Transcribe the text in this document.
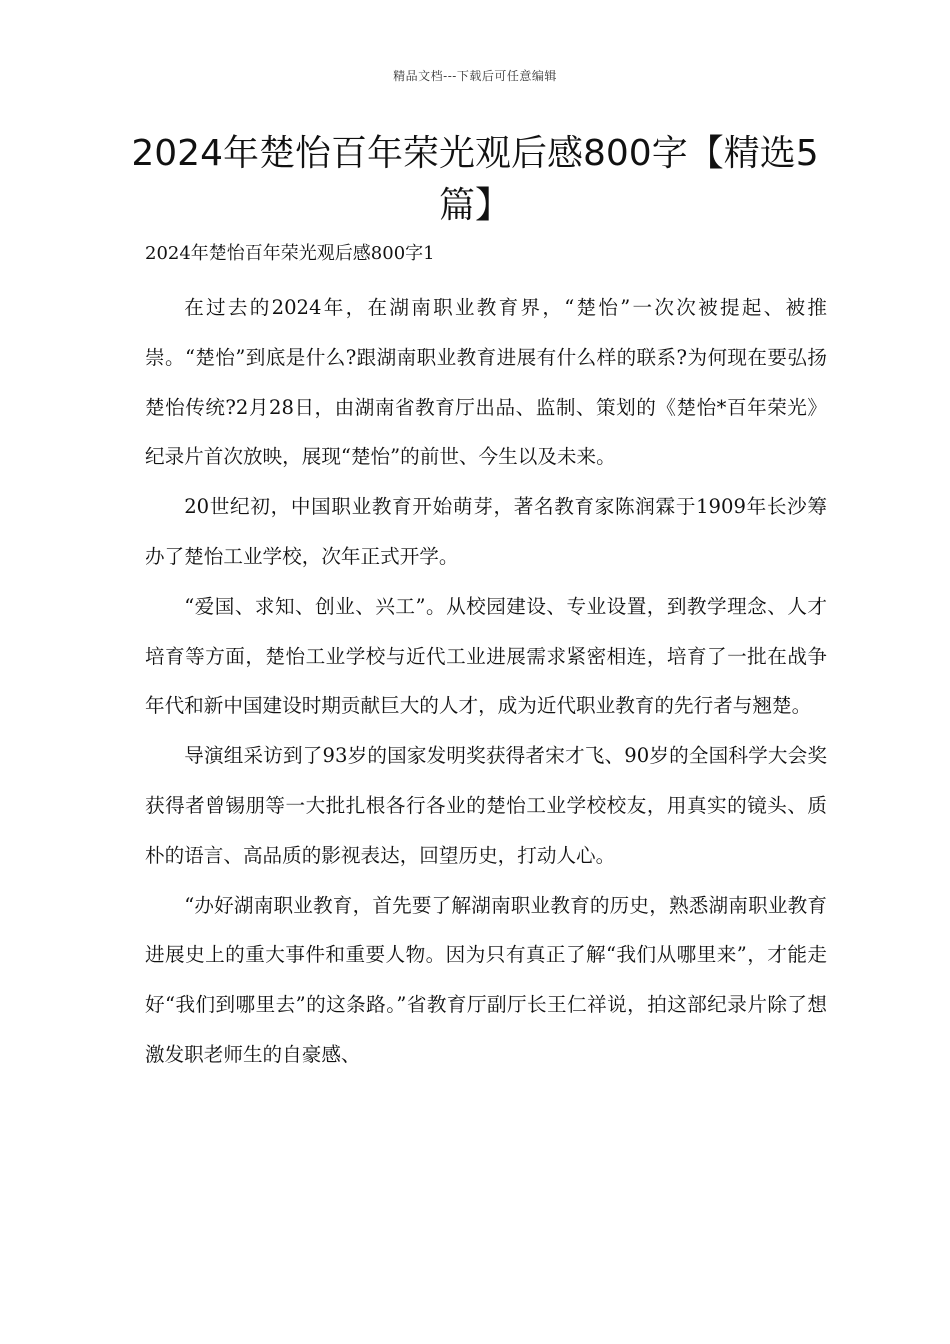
精品文档---下载后可任意编辑
2024年楚怡百年荣光观后感800字【精选5篇】
2024年楚怡百年荣光观后感800字1

在过去的2024年，在湖南职业教育界，“楚怡”一次次被提起、被推崇。“楚怡”到底是什么?跟湖南职业教育进展有什么样的联系?为何现在要弘扬楚怡传统?2月28日，由湖南省教育厅出品、监制、策划的《楚怡*百年荣光》纪录片首次放映，展现“楚怡”的前世、今生以及未来。

20世纪初，中国职业教育开始萌芽，著名教育家陈润霖于1909年长沙筹办了楚怡工业学校，次年正式开学。

“爱国、求知、创业、兴工”。从校园建设、专业设置，到教学理念、人才培育等方面，楚怡工业学校与近代工业进展需求紧密相连，培育了一批在战争年代和新中国建设时期贡献巨大的人才，成为近代职业教育的先行者与翘楚。

导演组采访到了93岁的国家发明奖获得者宋才飞、90岁的全国科学大会奖获得者曾锡朋等一大批扎根各行各业的楚怡工业学校校友，用真实的镜头、质朴的语言、高品质的影视表达，回望历史，打动人心。

“办好湖南职业教育，首先要了解湖南职业教育的历史，熟悉湖南职业教育进展史上的重大事件和重要人物。因为只有真正了解“我们从哪里来”，才能走好“我们到哪里去”的这条路。”省教育厅副厅长王仁祥说，拍这部纪录片除了想激发职老师生的自豪感、
